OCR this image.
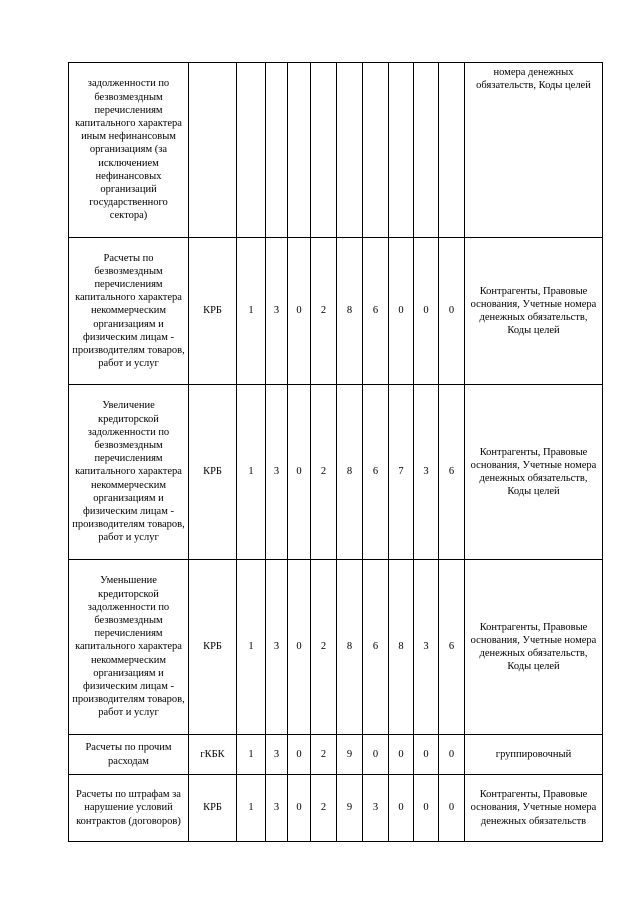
задолженности по безвозмездным перечислениям капитального характера иным нефинансовым организациям (за исключением нефинансовых организаций государственного сектора)											номера денежных обязательств, Коды целей
Расчеты по безвозмездным перечислениям капитального характера некоммерческим организациям и физическим лицам - производителям товаров, работ и услуг	КРБ	1	3	0	2	8	6	0	0	0	Контрагенты, Правовые основания, Учетные номера денежных обязательств, Коды целей
Увеличение кредиторской задолженности по безвозмездным перечислениям капитального характера некоммерческим организациям и физическим лицам - производителям товаров, работ и услуг	КРБ	1	3	0	2	8	6	7	3	6	Контрагенты, Правовые основания, Учетные номера денежных обязательств, Коды целей
Уменьшение кредиторской задолженности по безвозмездным перечислениям капитального характера некоммерческим организациям и физическим лицам - производителям товаров, работ и услуг	КРБ	1	3	0	2	8	6	8	3	6	Контрагенты, Правовые основания, Учетные номера денежных обязательств, Коды целей
Расчеты по прочим расходам	гКБК	1	3	0	2	9	0	0	0	0	группировочный
Расчеты по штрафам за нарушение условий контрактов (договоров)	КРБ	1	3	0	2	9	3	0	0	0	Контрагенты, Правовые основания, Учетные номера денежных обязательств
